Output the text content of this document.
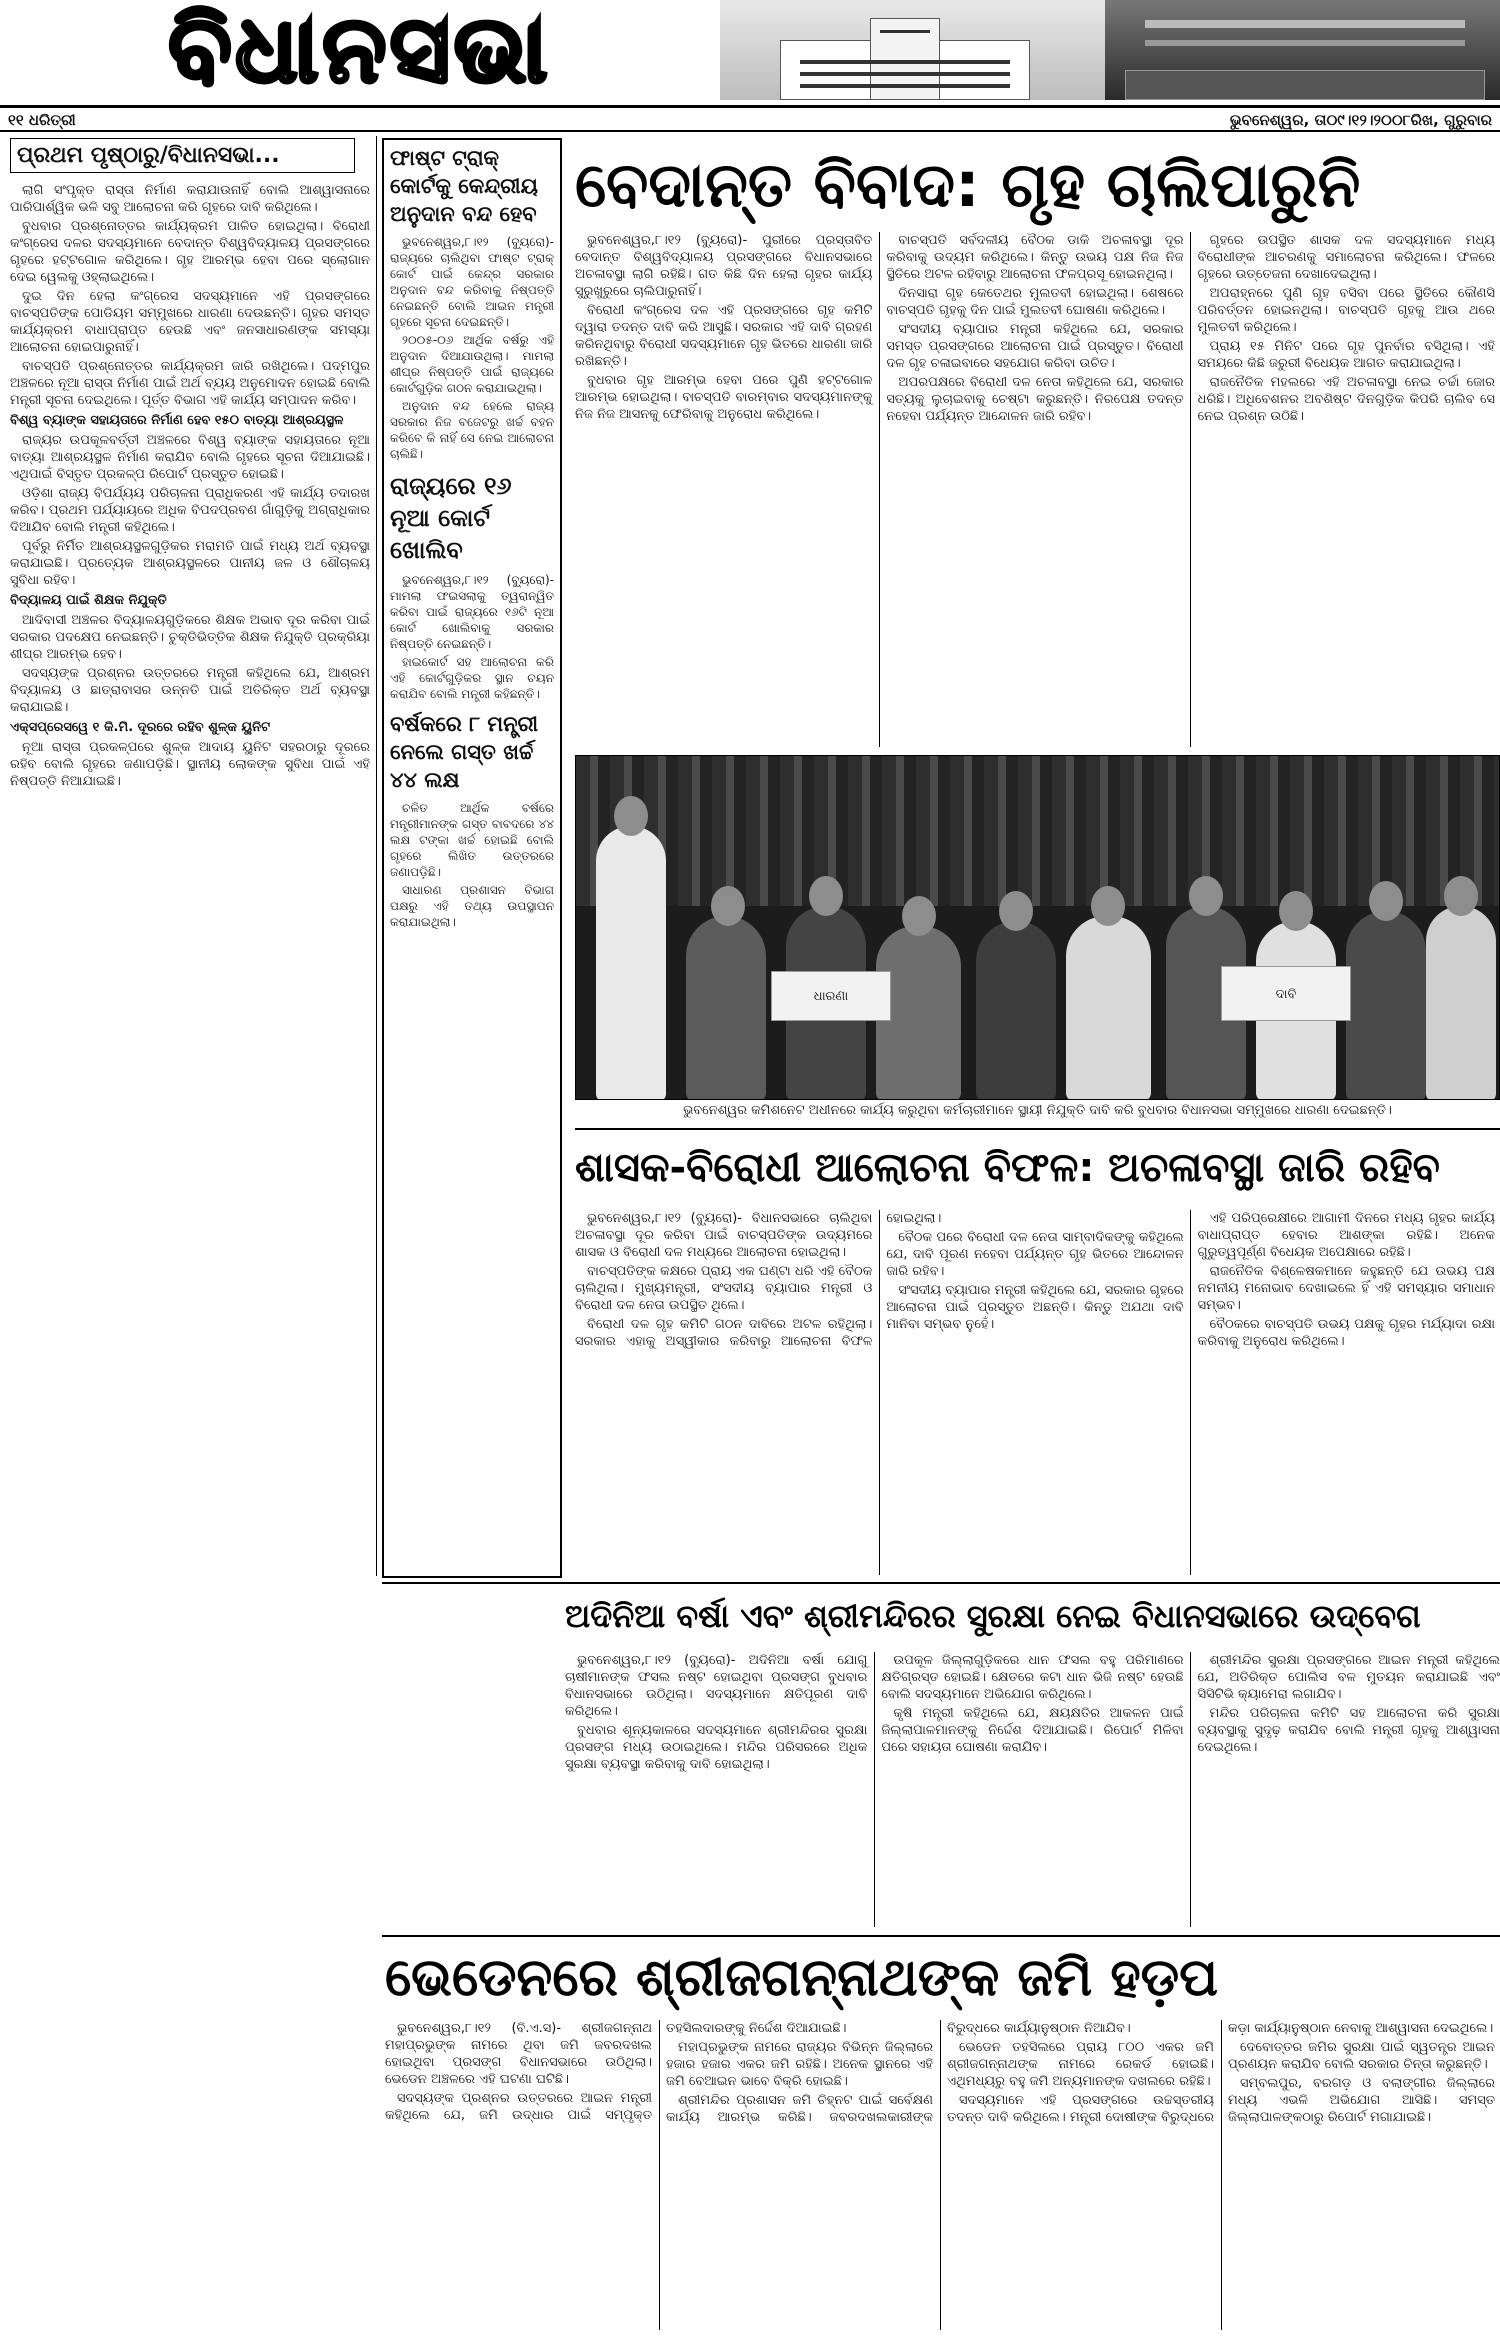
ବିଧାନସଭା
୧୧ ଧରିତ୍ରୀ	ଭୁବନେଶ୍ୱର, ତା୦୯।୧୨।୨୦୦୮ରିଖ, ଗୁରୁବାର
ପ୍ରଥମ ପୃଷ୍ଠାରୁ/ବିଧାନସଭା...

ଲାଗି ସଂପୃକ୍ତ ରାସ୍ତା ନିର୍ମାଣ କରାଯାଉନାହିଁ ବୋଲି ଆଶ୍ୱାସନାରେ ପାରିପାର୍ଶ୍ୱିକ ଭଳି ସବୁ ଆଲୋଚନା କରି ଗୃହରେ ଦାବି କରିଥିଲେ।

ବୁଧବାର ପ୍ରଶ୍ନୋତ୍ତର କାର୍ଯ୍ୟକ୍ରମ ପାଳିତ ହୋଇଥିଲା। ବିରୋଧୀ କଂଗ୍ରେସ ଦଳର ସଦସ୍ୟମାନେ ବେଦାନ୍ତ ବିଶ୍ୱବିଦ୍ୟାଳୟ ପ୍ରସଙ୍ଗରେ ଗୃହରେ ହଟ୍ଟଗୋଳ କରିଥିଲେ। ଗୃହ ଆରମ୍ଭ ହେବା ପରେ ସ୍ଲୋଗାନ ଦେଇ ୱେଲକୁ ଓହ୍ଲାଇଥିଲେ।

ଦୁଇ ଦିନ ହେଲା କଂଗ୍ରେସ ସଦସ୍ୟମାନେ ଏହି ପ୍ରସଙ୍ଗରେ ବାଚସ୍ପତିଙ୍କ ପୋଡିୟମ ସମ୍ମୁଖରେ ଧାରଣା ଦେଉଛନ୍ତି। ଗୃହର ସମସ୍ତ କାର୍ଯ୍ୟକ୍ରମ ବାଧାପ୍ରାପ୍ତ ହେଉଛି ଏବଂ ଜନସାଧାରଣଙ୍କ ସମସ୍ୟା ଆଲୋଚନା ହୋଇପାରୁନାହିଁ।

ବାଚସ୍ପତି ପ୍ରଶ୍ନୋତ୍ତର କାର୍ଯ୍ୟକ୍ରମ ଜାରି ରଖିଥିଲେ। ପଦ୍ମପୁର ଅଞ୍ଚଳରେ ନୂଆ ରାସ୍ତା ନିର୍ମାଣ ପାଇଁ ଅର୍ଥ ବ୍ୟୟ ଅନୁମୋଦନ ହୋଇଛି ବୋଲି ମନ୍ତ୍ରୀ ସୂଚନା ଦେଇଥିଲେ। ପୂର୍ତ୍ତ ବିଭାଗ ଏହି କାର୍ଯ୍ୟ ସମ୍ପାଦନ କରିବ।

ବିଶ୍ୱ ବ୍ୟାଙ୍କ ସହାୟତାରେ ନିର୍ମାଣ ହେବ ୧୫୦ ବାତ୍ୟା ଆଶ୍ରୟସ୍ଥଳ

ରାଜ୍ୟର ଉପକୂଳବର୍ତ୍ତୀ ଅଞ୍ଚଳରେ ବିଶ୍ୱ ବ୍ୟାଙ୍କ ସହାୟତାରେ ନୂଆ ବାତ୍ୟା ଆଶ୍ରୟସ୍ଥଳ ନିର୍ମାଣ କରାଯିବ ବୋଲି ଗୃହରେ ସୂଚନା ଦିଆଯାଇଛି। ଏଥିପାଇଁ ବିସ୍ତୃତ ପ୍ରକଳ୍ପ ରିପୋର୍ଟ ପ୍ରସ୍ତୁତ ହୋଇଛି।

ଓଡ଼ିଶା ରାଜ୍ୟ ବିପର୍ଯ୍ୟୟ ପରିଚାଳନା ପ୍ରାଧିକରଣ ଏହି କାର୍ଯ୍ୟ ତଦାରଖ କରିବ। ପ୍ରଥମ ପର୍ଯ୍ୟାୟରେ ଅଧିକ ବିପଦପ୍ରବଣ ଗାଁଗୁଡ଼ିକୁ ଅଗ୍ରାଧିକାର ଦିଆଯିବ ବୋଲି ମନ୍ତ୍ରୀ କହିଥିଲେ।

ପୂର୍ବରୁ ନିର୍ମିତ ଆଶ୍ରୟସ୍ଥଳଗୁଡ଼ିକର ମରାମତି ପାଇଁ ମଧ୍ୟ ଅର୍ଥ ବ୍ୟବସ୍ଥା କରାଯାଇଛି। ପ୍ରତ୍ୟେକ ଆଶ୍ରୟସ୍ଥଳରେ ପାନୀୟ ଜଳ ଓ ଶୌଚାଳୟ ସୁବିଧା ରହିବ।

ବିଦ୍ୟାଳୟ ପାଇଁ ଶିକ୍ଷକ ନିଯୁକ୍ତି

ଆଦିବାସୀ ଅଞ୍ଚଳର ବିଦ୍ୟାଳୟଗୁଡ଼ିକରେ ଶିକ୍ଷକ ଅଭାବ ଦୂର କରିବା ପାଇଁ ସରକାର ପଦକ୍ଷେପ ନେଇଛନ୍ତି। ଚୁକ୍ତିଭିତ୍ତିକ ଶିକ୍ଷକ ନିଯୁକ୍ତି ପ୍ରକ୍ରିୟା ଶୀଘ୍ର ଆରମ୍ଭ ହେବ।

ସଦସ୍ୟଙ୍କ ପ୍ରଶ୍ନର ଉତ୍ତରରେ ମନ୍ତ୍ରୀ କହିଥିଲେ ଯେ, ଆଶ୍ରମ ବିଦ୍ୟାଳୟ ଓ ଛାତ୍ରାବାସର ଉନ୍ନତି ପାଇଁ ଅତିରିକ୍ତ ଅର୍ଥ ବ୍ୟବସ୍ଥା କରାଯାଇଛି।

ଏକ୍ସପ୍ରେସୱେ ୧ କି.ମି. ଦୂରରେ ରହିବ ଶୁଳ୍କ ୟୁନିଟ

ନୂଆ ରାସ୍ତା ପ୍ରକଳ୍ପରେ ଶୁଳ୍କ ଆଦାୟ ୟୁନିଟ ସହରଠାରୁ ଦୂରରେ ରହିବ ବୋଲି ଗୃହରେ ଜଣାପଡ଼ିଛି। ସ୍ଥାନୀୟ ଲୋକଙ୍କ ସୁବିଧା ପାଇଁ ଏହି ନିଷ୍ପତ୍ତି ନିଆଯାଇଛି।

ଫାଷ୍ଟ ଟ୍ରାକ୍ କୋର୍ଟକୁ କେନ୍ଦ୍ରୀୟ ଅନୁଦାନ ବନ୍ଦ ହେବ

ଭୁବନେଶ୍ୱର,୮।୧୨ (ବ୍ୟୁରୋ)- ରାଜ୍ୟରେ ଚାଲିଥିବା ଫାଷ୍ଟ ଟ୍ରାକ୍ କୋର୍ଟ ପାଇଁ କେନ୍ଦ୍ର ସରକାର ଅନୁଦାନ ବନ୍ଦ କରିବାକୁ ନିଷ୍ପତ୍ତି ନେଇଛନ୍ତି ବୋଲି ଆଇନ ମନ୍ତ୍ରୀ ଗୃହରେ ସୂଚନା ଦେଇଛନ୍ତି।

୨୦୦୫-୦୬ ଆର୍ଥିକ ବର୍ଷରୁ ଏହି ଅନୁଦାନ ଦିଆଯାଉଥିଲା। ମାମଲା ଶୀଘ୍ର ନିଷ୍ପତ୍ତି ପାଇଁ ରାଜ୍ୟରେ କୋର୍ଟଗୁଡ଼ିକ ଗଠନ କରାଯାଇଥିଲା।

ଅନୁଦାନ ବନ୍ଦ ହେଲେ ରାଜ୍ୟ ସରକାର ନିଜ ବଜେଟରୁ ଖର୍ଚ୍ଚ ବହନ କରିବେ କି ନାହିଁ ସେ ନେଇ ଆଲୋଚନା ଚାଲିଛି।

ରାଜ୍ୟରେ ୧୬ ନୂଆ କୋର୍ଟ ଖୋଲିବ

ଭୁବନେଶ୍ୱର,୮।୧୨ (ବ୍ୟୁରୋ)- ମାମଲା ଫଇସଲାକୁ ତ୍ୱରାନ୍ୱିତ କରିବା ପାଇଁ ରାଜ୍ୟରେ ୧୬ଟି ନୂଆ କୋର୍ଟ ଖୋଲିବାକୁ ସରକାର ନିଷ୍ପତ୍ତି ନେଇଛନ୍ତି।

ହାଇକୋର୍ଟ ସହ ଆଲୋଚନା କରି ଏହି କୋର୍ଟଗୁଡ଼ିକର ସ୍ଥାନ ଚୟନ କରାଯିବ ବୋଲି ମନ୍ତ୍ରୀ କହିଛନ୍ତି।

ବର୍ଷକରେ ୮ ମନ୍ତ୍ରୀ ନେଲେ ଗସ୍ତ ଖର୍ଚ୍ଚ ୪୪ ଲକ୍ଷ

ଚଳିତ ଆର୍ଥିକ ବର୍ଷରେ ମନ୍ତ୍ରୀମାନଙ୍କ ଗସ୍ତ ବାବଦରେ ୪୪ ଲକ୍ଷ ଟଙ୍କା ଖର୍ଚ୍ଚ ହୋଇଛି ବୋଲି ଗୃହରେ ଲିଖିତ ଉତ୍ତରରେ ଜଣାପଡ଼ିଛି।

ସାଧାରଣ ପ୍ରଶାସନ ବିଭାଗ ପକ୍ଷରୁ ଏହି ତଥ୍ୟ ଉପସ୍ଥାପନ କରାଯାଇଥିଲା।

ବେଦାନ୍ତ ବିବାଦ: ଗୃହ ଚାଲିପାରୁନି

ଭୁବନେଶ୍ୱର,୮।୧୨ (ବ୍ୟୁରୋ)- ପୁରୀରେ ପ୍ରସ୍ତାବିତ ବେଦାନ୍ତ ବିଶ୍ୱବିଦ୍ୟାଳୟ ପ୍ରସଙ୍ଗରେ ବିଧାନସଭାରେ ଅଚଳାବସ୍ଥା ଲାଗି ରହିଛି। ଗତ କିଛି ଦିନ ହେଲା ଗୃହର କାର୍ଯ୍ୟ ସୁରୁଖୁରୁରେ ଚାଲିପାରୁନାହିଁ।

ବିରୋଧୀ କଂଗ୍ରେସ ଦଳ ଏହି ପ୍ରସଙ୍ଗରେ ଗୃହ କମିଟି ଦ୍ୱାରା ତଦନ୍ତ ଦାବି କରି ଆସୁଛି। ସରକାର ଏହି ଦାବି ଗ୍ରହଣ କରିନଥିବାରୁ ବିରୋଧୀ ସଦସ୍ୟମାନେ ଗୃହ ଭିତରେ ଧାରଣା ଜାରି ରଖିଛନ୍ତି।

ବୁଧବାର ଗୃହ ଆରମ୍ଭ ହେବା ପରେ ପୁଣି ହଟ୍ଟଗୋଳ ଆରମ୍ଭ ହୋଇଥିଲା। ବାଚସ୍ପତି ବାରମ୍ବାର ସଦସ୍ୟମାନଙ୍କୁ ନିଜ ନିଜ ଆସନକୁ ଫେରିବାକୁ ଅନୁରୋଧ କରିଥିଲେ।

ବାଚସ୍ପତି ସର୍ବଦଳୀୟ ବୈଠକ ଡାକି ଅଚଳାବସ୍ଥା ଦୂର କରିବାକୁ ଉଦ୍ୟମ କରିଥିଲେ। କିନ୍ତୁ ଉଭୟ ପକ୍ଷ ନିଜ ନିଜ ସ୍ଥିତିରେ ଅଟଳ ରହିବାରୁ ଆଲୋଚନା ଫଳପ୍ରସୂ ହୋଇନଥିଲା।

ଦିନସାରା ଗୃହ କେତେଥର ମୁଲତବୀ ହୋଇଥିଲା। ଶେଷରେ ବାଚସ୍ପତି ଗୃହକୁ ଦିନ ପାଇଁ ମୁଲତବୀ ଘୋଷଣା କରିଥିଲେ।

ସଂସଦୀୟ ବ୍ୟାପାର ମନ୍ତ୍ରୀ କହିଥିଲେ ଯେ, ସରକାର ସମସ୍ତ ପ୍ରସଙ୍ଗରେ ଆଲୋଚନା ପାଇଁ ପ୍ରସ୍ତୁତ। ବିରୋଧୀ ଦଳ ଗୃହ ଚଳାଇବାରେ ସହଯୋଗ କରିବା ଉଚିତ।

ଅପରପକ୍ଷରେ ବିରୋଧୀ ଦଳ ନେତା କହିଥିଲେ ଯେ, ସରକାର ସତ୍ୟକୁ ଲୁଚାଇବାକୁ ଚେଷ୍ଟା କରୁଛନ୍ତି। ନିରପେକ୍ଷ ତଦନ୍ତ ନହେବା ପର୍ଯ୍ୟନ୍ତ ଆନ୍ଦୋଳନ ଜାରି ରହିବ।

ଗୃହରେ ଉପସ୍ଥିତ ଶାସକ ଦଳ ସଦସ୍ୟମାନେ ମଧ୍ୟ ବିରୋଧୀଙ୍କ ଆଚରଣକୁ ସମାଲୋଚନା କରିଥିଲେ। ଫଳରେ ଗୃହରେ ଉତ୍ତେଜନା ଦେଖାଦେଇଥିଲା।

ଅପରାହ୍ନରେ ପୁଣି ଗୃହ ବସିବା ପରେ ସ୍ଥିତିରେ କୌଣସି ପରିବର୍ତ୍ତନ ହୋଇନଥିଲା। ବାଚସ୍ପତି ଗୃହକୁ ଆଉ ଥରେ ମୁଲତବୀ କରିଥିଲେ।

ପ୍ରାୟ ୧୫ ମିନିଟ ପରେ ଗୃହ ପୁନର୍ବାର ବସିଥିଲା। ଏହି ସମୟରେ କିଛି ଜରୁରୀ ବିଧେୟକ ଆଗତ କରାଯାଇଥିଲା।

ରାଜନୈତିକ ମହଲରେ ଏହି ଅଚଳାବସ୍ଥା ନେଇ ଚର୍ଚ୍ଚା ଜୋର ଧରିଛି। ଅଧିବେଶନର ଅବଶିଷ୍ଟ ଦିନଗୁଡ଼ିକ କିପରି ଚାଲିବ ସେ ନେଇ ପ୍ରଶ୍ନ ଉଠିଛି।

ଧାରଣା	ଦାବି
ଭୁବନେଶ୍ୱର କମିଶନେଟ ଅଧୀନରେ କାର୍ଯ୍ୟ କରୁଥିବା କର୍ମଚାରୀମାନେ ସ୍ଥାୟୀ ନିଯୁକ୍ତି ଦାବି କରି ବୁଧବାର ବିଧାନସଭା ସମ୍ମୁଖରେ ଧାରଣା ଦେଇଛନ୍ତି।
ଶାସକ-ବିରୋଧୀ ଆଲୋଚନା ବିଫଳ: ଅଚଳାବସ୍ଥା ଜାରି ରହିବ

ଭୁବନେଶ୍ୱର,୮।୧୨ (ବ୍ୟୁରୋ)- ବିଧାନସଭାରେ ଚାଲିଥିବା ଅଚଳାବସ୍ଥା ଦୂର କରିବା ପାଇଁ ବାଚସ୍ପତିଙ୍କ ଉଦ୍ୟମରେ ଶାସକ ଓ ବିରୋଧୀ ଦଳ ମଧ୍ୟରେ ଆଲୋଚନା ହୋଇଥିଲା।

ବାଚସ୍ପତିଙ୍କ କକ୍ଷରେ ପ୍ରାୟ ଏକ ଘଣ୍ଟା ଧରି ଏହି ବୈଠକ ଚାଲିଥିଲା। ମୁଖ୍ୟମନ୍ତ୍ରୀ, ସଂସଦୀୟ ବ୍ୟାପାର ମନ୍ତ୍ରୀ ଓ ବିରୋଧୀ ଦଳ ନେତା ଉପସ୍ଥିତ ଥିଲେ।

ବିରୋଧୀ ଦଳ ଗୃହ କମିଟି ଗଠନ ଦାବିରେ ଅଟଳ ରହିଥିଲା। ସରକାର ଏହାକୁ ଅସ୍ୱୀକାର କରିବାରୁ ଆଲୋଚନା ବିଫଳ ହୋଇଥିଲା।

ବୈଠକ ପରେ ବିରୋଧୀ ଦଳ ନେତା ସାମ୍ବାଦିକଙ୍କୁ କହିଥିଲେ ଯେ, ଦାବି ପୂରଣ ନହେବା ପର୍ଯ୍ୟନ୍ତ ଗୃହ ଭିତରେ ଆନ୍ଦୋଳନ ଜାରି ରହିବ।

ସଂସଦୀୟ ବ୍ୟାପାର ମନ୍ତ୍ରୀ କହିଥିଲେ ଯେ, ସରକାର ଗୃହରେ ଆଲୋଚନା ପାଇଁ ପ୍ରସ୍ତୁତ ଅଛନ୍ତି। କିନ୍ତୁ ଅଯଥା ଦାବି ମାନିବା ସମ୍ଭବ ନୁହେଁ।

ଏହି ପରିପ୍ରେକ୍ଷୀରେ ଆଗାମୀ ଦିନରେ ମଧ୍ୟ ଗୃହର କାର୍ଯ୍ୟ ବାଧାପ୍ରାପ୍ତ ହେବାର ଆଶଙ୍କା ରହିଛି। ଅନେକ ଗୁରୁତ୍ୱପୂର୍ଣ୍ଣ ବିଧେୟକ ଅପେକ୍ଷାରେ ରହିଛି।

ରାଜନୈତିକ ବିଶ୍ଳେଷକମାନେ କହୁଛନ୍ତି ଯେ ଉଭୟ ପକ୍ଷ ନମନୀୟ ମନୋଭାବ ଦେଖାଇଲେ ହିଁ ଏହି ସମସ୍ୟାର ସମାଧାନ ସମ୍ଭବ।

ବୈଠକରେ ବାଚସ୍ପତି ଉଭୟ ପକ୍ଷକୁ ଗୃହର ମର୍ଯ୍ୟାଦା ରକ୍ଷା କରିବାକୁ ଅନୁରୋଧ କରିଥିଲେ।

ଅଦିନିଆ ବର୍ଷା ଏବଂ ଶ୍ରୀମନ୍ଦିରର ସୁରକ୍ଷା ନେଇ ବିଧାନସଭାରେ ଉଦ୍‌ବେଗ

ଭୁବନେଶ୍ୱର,୮।୧୨ (ବ୍ୟୁରୋ)- ଅଦିନିଆ ବର୍ଷା ଯୋଗୁ ଚାଷୀମାନଙ୍କ ଫସଲ ନଷ୍ଟ ହୋଇଥିବା ପ୍ରସଙ୍ଗ ବୁଧବାର ବିଧାନସଭାରେ ଉଠିଥିଲା। ସଦସ୍ୟମାନେ କ୍ଷତିପୂରଣ ଦାବି କରିଥିଲେ।

ବୁଧବାର ଶୂନ୍ୟକାଳରେ ସଦସ୍ୟମାନେ ଶ୍ରୀମନ୍ଦିରର ସୁରକ୍ଷା ପ୍ରସଙ୍ଗ ମଧ୍ୟ ଉଠାଇଥିଲେ। ମନ୍ଦିର ପରିସରରେ ଅଧିକ ସୁରକ୍ଷା ବ୍ୟବସ୍ଥା କରିବାକୁ ଦାବି ହୋଇଥିଲା।

ଉପକୂଳ ଜିଲ୍ଲାଗୁଡ଼ିକରେ ଧାନ ଫସଲ ବହୁ ପରିମାଣରେ କ୍ଷତିଗ୍ରସ୍ତ ହୋଇଛି। କ୍ଷେତରେ କଟା ଧାନ ଭିଜି ନଷ୍ଟ ହେଉଛି ବୋଲି ସଦସ୍ୟମାନେ ଅଭିଯୋଗ କରିଥିଲେ।

କୃଷି ମନ୍ତ୍ରୀ କହିଥିଲେ ଯେ, କ୍ଷୟକ୍ଷତିର ଆକଳନ ପାଇଁ ଜିଲ୍ଲାପାଳମାନଙ୍କୁ ନିର୍ଦ୍ଦେଶ ଦିଆଯାଇଛି। ରିପୋର୍ଟ ମିଳିବା ପରେ ସହାୟତା ଘୋଷଣା କରାଯିବ।

ଶ୍ରୀମନ୍ଦିର ସୁରକ୍ଷା ପ୍ରସଙ୍ଗରେ ଆଇନ ମନ୍ତ୍ରୀ କହିଥିଲେ ଯେ, ଅତିରିକ୍ତ ପୋଲିସ ବଳ ମୁତୟନ କରାଯାଇଛି ଏବଂ ସିସିଟିଭି କ୍ୟାମେରା ଲଗାଯିବ।

ମନ୍ଦିର ପରିଚାଳନା କମିଟି ସହ ଆଲୋଚନା କରି ସୁରକ୍ଷା ବ୍ୟବସ୍ଥାକୁ ସୁଦୃଢ଼ କରାଯିବ ବୋଲି ମନ୍ତ୍ରୀ ଗୃହକୁ ଆଶ୍ୱାସନା ଦେଇଥିଲେ।

ଭେଡେନରେ ଶ୍ରୀଜଗନ୍ନାଥଙ୍କ ଜମି ହଡ଼ପ

ଭୁବନେଶ୍ୱର,୮।୧୨ (ବି.ଏ.ସ)- ଶ୍ରୀଜଗନ୍ନାଥ ମହାପ୍ରଭୁଙ୍କ ନାମରେ ଥିବା ଜମି ଜବରଦଖଲ ହୋଇଥିବା ପ୍ରସଙ୍ଗ ବିଧାନସଭାରେ ଉଠିଥିଲା। ଭେଡେନ ଅଞ୍ଚଳରେ ଏହି ଘଟଣା ଘଟିଛି।

ସଦସ୍ୟଙ୍କ ପ୍ରଶ୍ନର ଉତ୍ତରରେ ଆଇନ ମନ୍ତ୍ରୀ କହିଥିଲେ ଯେ, ଜମି ଉଦ୍ଧାର ପାଇଁ ସମ୍ପୃକ୍ତ ତହସିଲଦାରଙ୍କୁ ନିର୍ଦ୍ଦେଶ ଦିଆଯାଇଛି।

ମହାପ୍ରଭୁଙ୍କ ନାମରେ ରାଜ୍ୟର ବିଭିନ୍ନ ଜିଲ୍ଲାରେ ହଜାର ହଜାର ଏକର ଜମି ରହିଛି। ଅନେକ ସ୍ଥାନରେ ଏହି ଜମି ବେଆଇନ ଭାବେ ବିକ୍ରି ହୋଇଛି।

ଶ୍ରୀମନ୍ଦିର ପ୍ରଶାସନ ଜମି ଚିହ୍ନଟ ପାଇଁ ସର୍ବେକ୍ଷଣ କାର୍ଯ୍ୟ ଆରମ୍ଭ କରିଛି। ଜବରଦଖଲକାରୀଙ୍କ ବିରୁଦ୍ଧରେ କାର୍ଯ୍ୟାନୁଷ୍ଠାନ ନିଆଯିବ।

ଭେଡେନ ତହସିଲରେ ପ୍ରାୟ ୮୦୦ ଏକର ଜମି ଶ୍ରୀଜଗନ୍ନାଥଙ୍କ ନାମରେ ରେକର୍ଡ ହୋଇଛି। ଏଥିମଧ୍ୟରୁ ବହୁ ଜମି ଅନ୍ୟମାନଙ୍କ ଦଖଲରେ ରହିଛି।

ସଦସ୍ୟମାନେ ଏହି ପ୍ରସଙ୍ଗରେ ଉଚ୍ଚସ୍ତରୀୟ ତଦନ୍ତ ଦାବି କରିଥିଲେ। ମନ୍ତ୍ରୀ ଦୋଷୀଙ୍କ ବିରୁଦ୍ଧରେ କଡ଼ା କାର୍ଯ୍ୟାନୁଷ୍ଠାନ ନେବାକୁ ଆଶ୍ୱାସନା ଦେଇଥିଲେ।

ଦେବୋତ୍ତର ଜମିର ସୁରକ୍ଷା ପାଇଁ ସ୍ୱତନ୍ତ୍ର ଆଇନ ପ୍ରଣୟନ କରାଯିବ ବୋଲି ସରକାର ଚିନ୍ତା କରୁଛନ୍ତି।

ସମ୍ବଲପୁର, ବରଗଡ଼ ଓ ବଲାଙ୍ଗୀର ଜିଲ୍ଲାରେ ମଧ୍ୟ ଏଭଳି ଅଭିଯୋଗ ଆସିଛି। ସମସ୍ତ ଜିଲ୍ଲାପାଳଙ୍କଠାରୁ ରିପୋର୍ଟ ମଗାଯାଇଛି।
